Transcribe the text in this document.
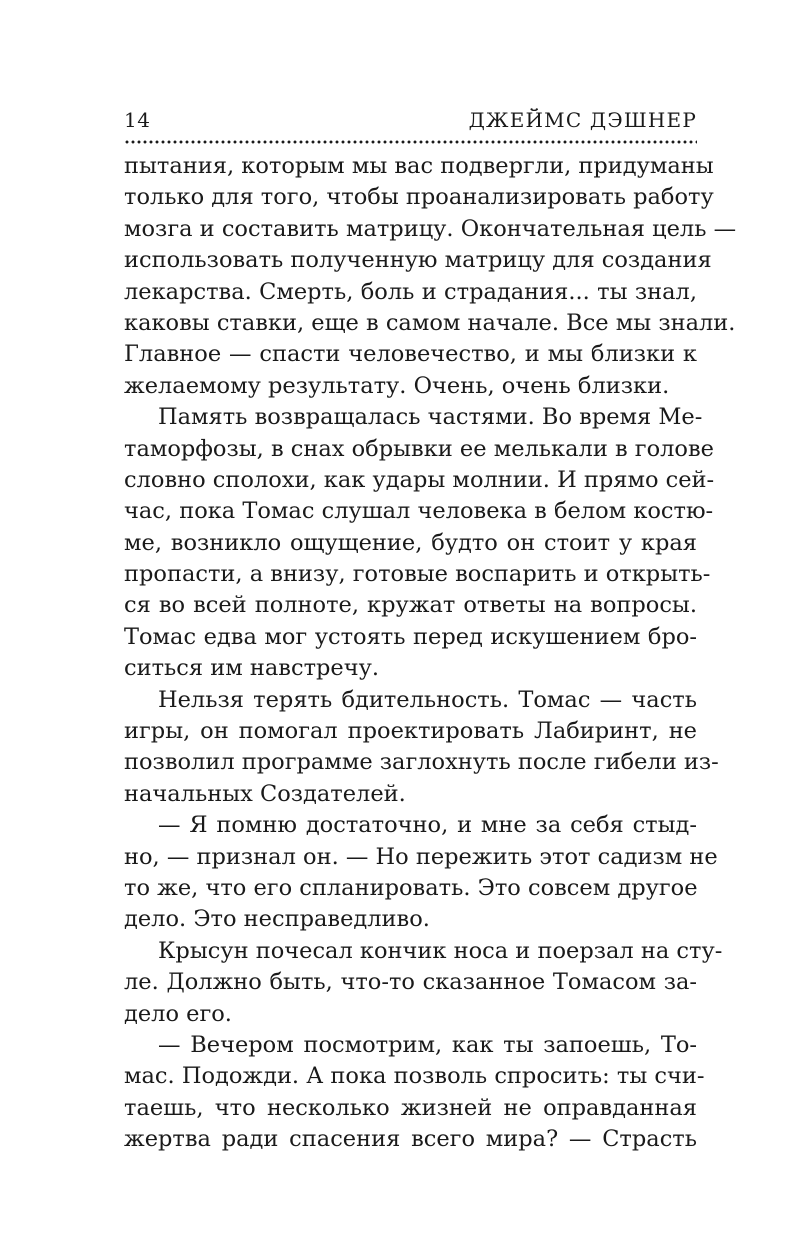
14	ДЖЕЙМС ДЭШНЕР
пытания, которым мы вас подвергли, придуманы
только для того, чтобы проанализировать работу
мозга и составить матрицу. Окончательная цель —
использовать полученную матрицу для создания
лекарства. Смерть, боль и страдания... ты знал,
каковы ставки, еще в самом начале. Все мы знали.
Главное — спасти человечество, и мы близки к
желаемому результату. Очень, очень близки.
Память возвращалась частями. Во время Ме-
таморфозы, в снах обрывки ее мелькали в голове
словно сполохи, как удары молнии. И прямо сей-
час, пока Томас слушал человека в белом костю-
ме, возникло ощущение, будто он стоит у края
пропасти, а внизу, готовые воспарить и открыть-
ся во всей полноте, кружат ответы на вопросы.
Томас едва мог устоять перед искушением бро-
ситься им навстречу.
Нельзя терять бдительность. Томас — часть
игры, он помогал проектировать Лабиринт, не
позволил программе заглохнуть после гибели из-
начальных Создателей.
— Я помню достаточно, и мне за себя стыд-
но, — признал он. — Но пережить этот садизм не
то же, что его спланировать. Это совсем другое
дело. Это несправедливо.
Крысун почесал кончик носа и поерзал на сту-
ле. Должно быть, что-то сказанное Томасом за-
дело его.
— Вечером посмотрим, как ты запоешь, То-
мас. Подожди. А пока позволь спросить: ты счи-
таешь, что несколько жизней не оправданная
жертва ради спасения всего мира? — Страсть
